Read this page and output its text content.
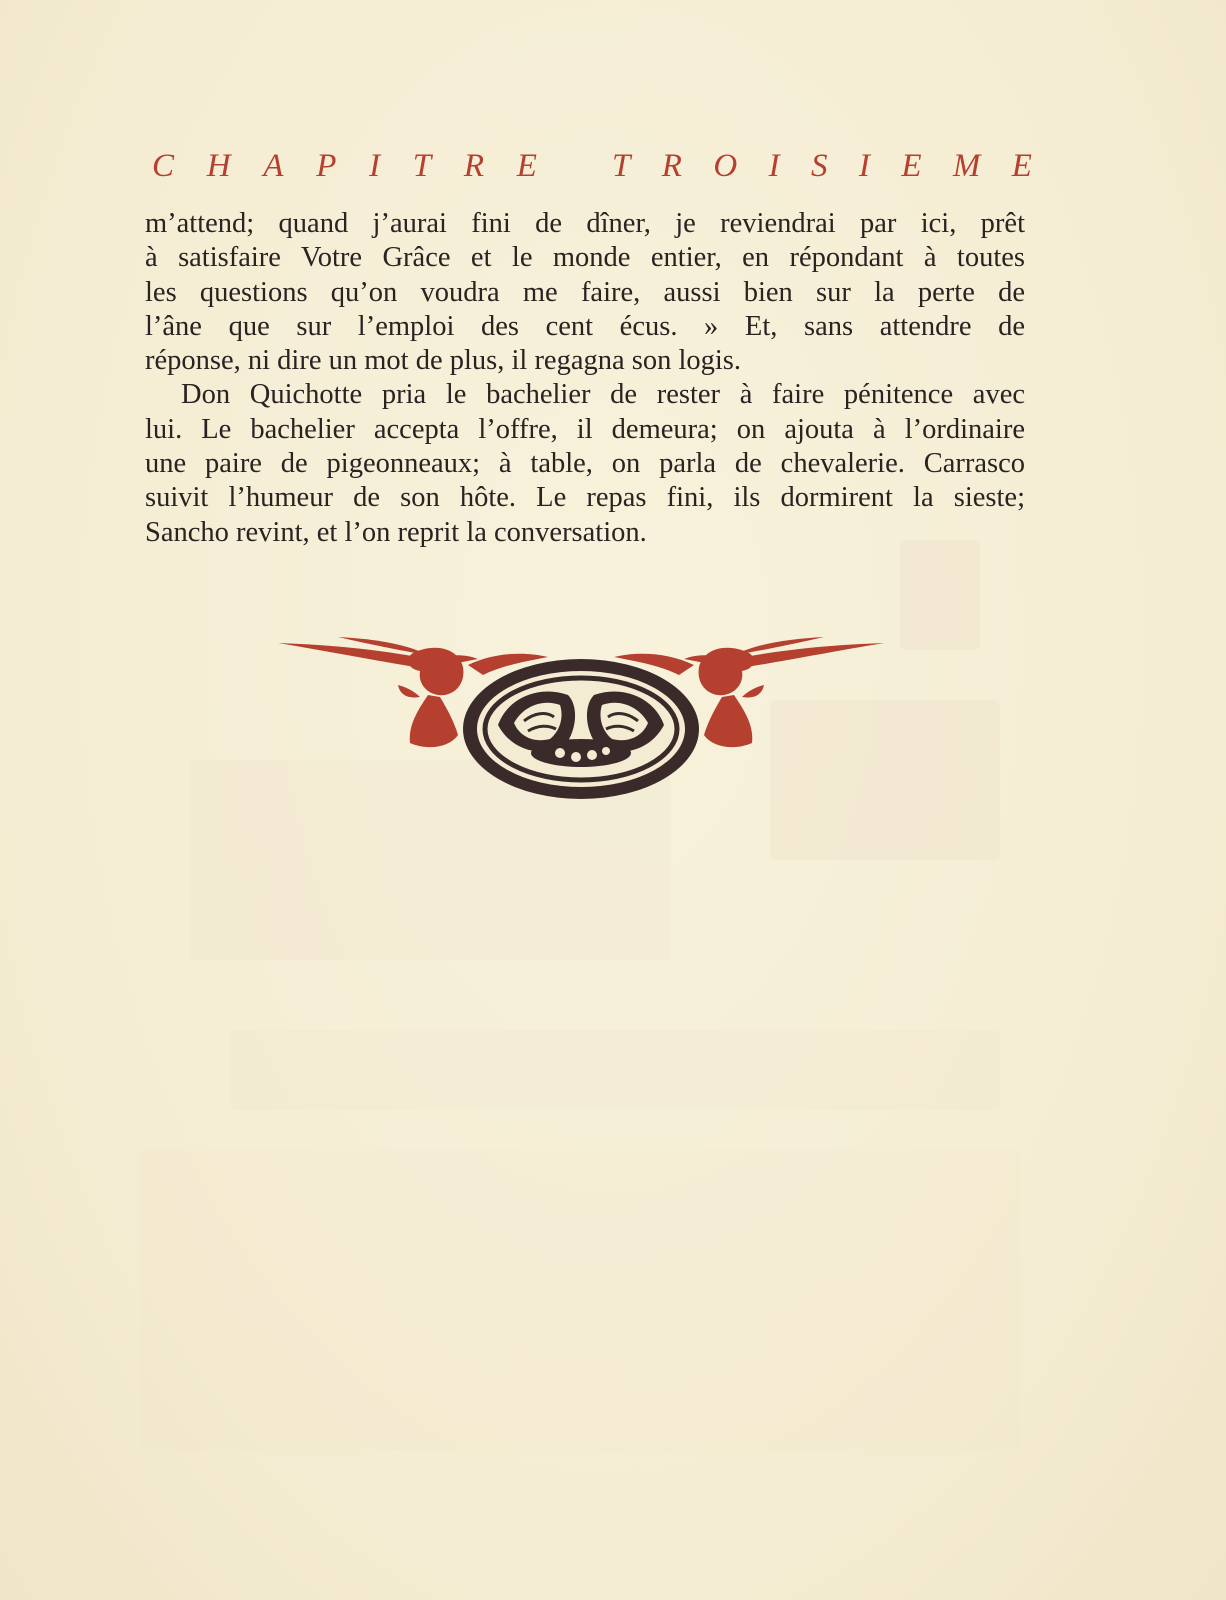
C H A P I T R E T R O I S I E M E

m’attend; quand j’aurai fini de dîner, je reviendrai par ici, prêt
à satisfaire Votre Grâce et le monde entier, en répondant à toutes
les questions qu’on voudra me faire, aussi bien sur la perte de
l’âne que sur l’emploi des cent écus. » Et, sans attendre de
réponse, ni dire un mot de plus, il regagna son logis.

Don Quichotte pria le bachelier de rester à faire pénitence avec
lui. Le bachelier accepta l’offre, il demeura; on ajouta à l’ordinaire
une paire de pigeonneaux; à table, on parla de chevalerie. Carrasco
suivit l’humeur de son hôte. Le repas fini, ils dormirent la sieste;
Sancho revint, et l’on reprit la conversation.
